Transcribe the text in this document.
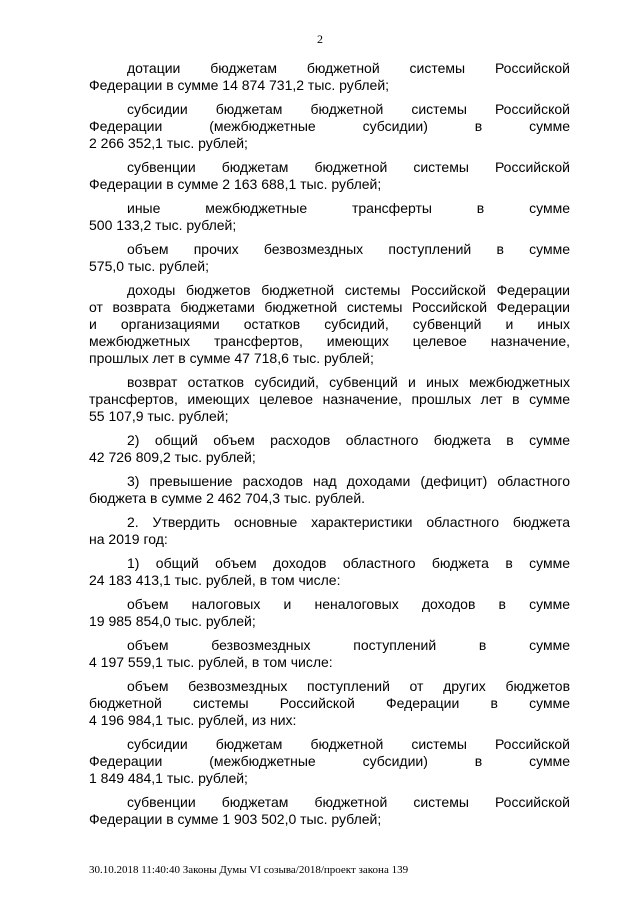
2

дотации бюджетам бюджетной системы Российской
Федерации в сумме 14 874 731,2 тыс. рублей;

субсидии бюджетам бюджетной системы Российской
Федерации (межбюджетные субсидии) в сумме
2 266 352,1 тыс. рублей;

субвенции бюджетам бюджетной системы Российской
Федерации в сумме 2 163 688,1 тыс. рублей;

иные межбюджетные трансферты в сумме
500 133,2 тыс. рублей;

объем прочих безвозмездных поступлений в сумме
575,0 тыс. рублей;

доходы бюджетов бюджетной системы Российской Федерации
от возврата бюджетами бюджетной системы Российской Федерации
и организациями остатков субсидий, субвенций и иных
межбюджетных трансфертов, имеющих целевое назначение,
прошлых лет в сумме 47 718,6 тыс. рублей;

возврат остатков субсидий, субвенций и иных межбюджетных
трансфертов, имеющих целевое назначение, прошлых лет в сумме
55 107,9 тыс. рублей;

2) общий объем расходов областного бюджета в сумме
42 726 809,2 тыс. рублей;

3) превышение расходов над доходами (дефицит) областного
бюджета в сумме 2 462 704,3 тыс. рублей.

2. Утвердить основные характеристики областного бюджета
на 2019 год:

1) общий объем доходов областного бюджета в сумме
24 183 413,1 тыс. рублей, в том числе:

объем налоговых и неналоговых доходов в сумме
19 985 854,0 тыс. рублей;

объем безвозмездных поступлений в сумме
4 197 559,1 тыс. рублей, в том числе:

объем безвозмездных поступлений от других бюджетов
бюджетной системы Российской Федерации в сумме
4 196 984,1 тыс. рублей, из них:

субсидии бюджетам бюджетной системы Российской
Федерации (межбюджетные субсидии) в сумме
1 849 484,1 тыс. рублей;

субвенции бюджетам бюджетной системы Российской
Федерации в сумме 1 903 502,0 тыс. рублей;

30.10.2018 11:40:40 Законы Думы VI созыва/2018/проект закона 139
